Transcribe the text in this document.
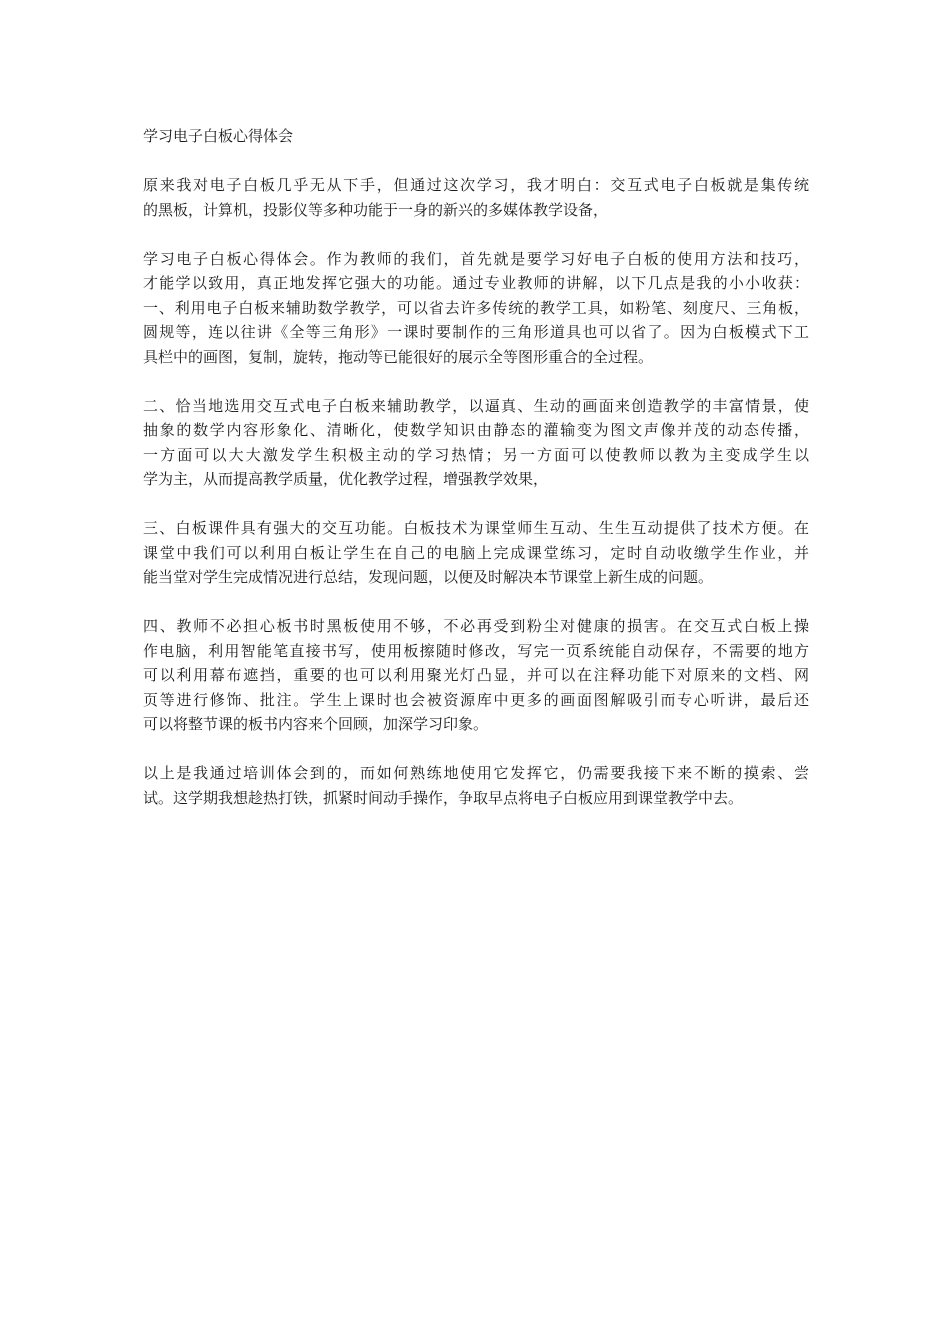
学习电子白板心得体会
原来我对电子白板几乎无从下手，但通过这次学习，我才明白：交互式电子白板就是集传统
的黑板，计算机，投影仪等多种功能于一身的新兴的多媒体教学设备，
学习电子白板心得体会。作为教师的我们，首先就是要学习好电子白板的使用方法和技巧，
才能学以致用，真正地发挥它强大的功能。通过专业教师的讲解，以下几点是我的小小收获：
一、利用电子白板来辅助数学教学，可以省去许多传统的教学工具，如粉笔、刻度尺、三角板，
圆规等，连以往讲《全等三角形》一课时要制作的三角形道具也可以省了。因为白板模式下工
具栏中的画图，复制，旋转，拖动等已能很好的展示全等图形重合的全过程。
二、恰当地选用交互式电子白板来辅助教学，以逼真、生动的画面来创造教学的丰富情景，使
抽象的数学内容形象化、清晰化，使数学知识由静态的灌输变为图文声像并茂的动态传播，
一方面可以大大激发学生积极主动的学习热情；另一方面可以使教师以教为主变成学生以
学为主，从而提高教学质量，优化教学过程，增强教学效果，
三、白板课件具有强大的交互功能。白板技术为课堂师生互动、生生互动提供了技术方便。在
课堂中我们可以利用白板让学生在自己的电脑上完成课堂练习，定时自动收缴学生作业，并
能当堂对学生完成情况进行总结，发现问题，以便及时解决本节课堂上新生成的问题。
四、教师不必担心板书时黑板使用不够，不必再受到粉尘对健康的损害。在交互式白板上操
作电脑，利用智能笔直接书写，使用板擦随时修改，写完一页系统能自动保存，不需要的地方
可以利用幕布遮挡，重要的也可以利用聚光灯凸显，并可以在注释功能下对原来的文档、网
页等进行修饰、批注。学生上课时也会被资源库中更多的画面图解吸引而专心听讲，最后还
可以将整节课的板书内容来个回顾，加深学习印象。
以上是我通过培训体会到的，而如何熟练地使用它发挥它，仍需要我接下来不断的摸索、尝
试。这学期我想趁热打铁，抓紧时间动手操作，争取早点将电子白板应用到课堂教学中去。
